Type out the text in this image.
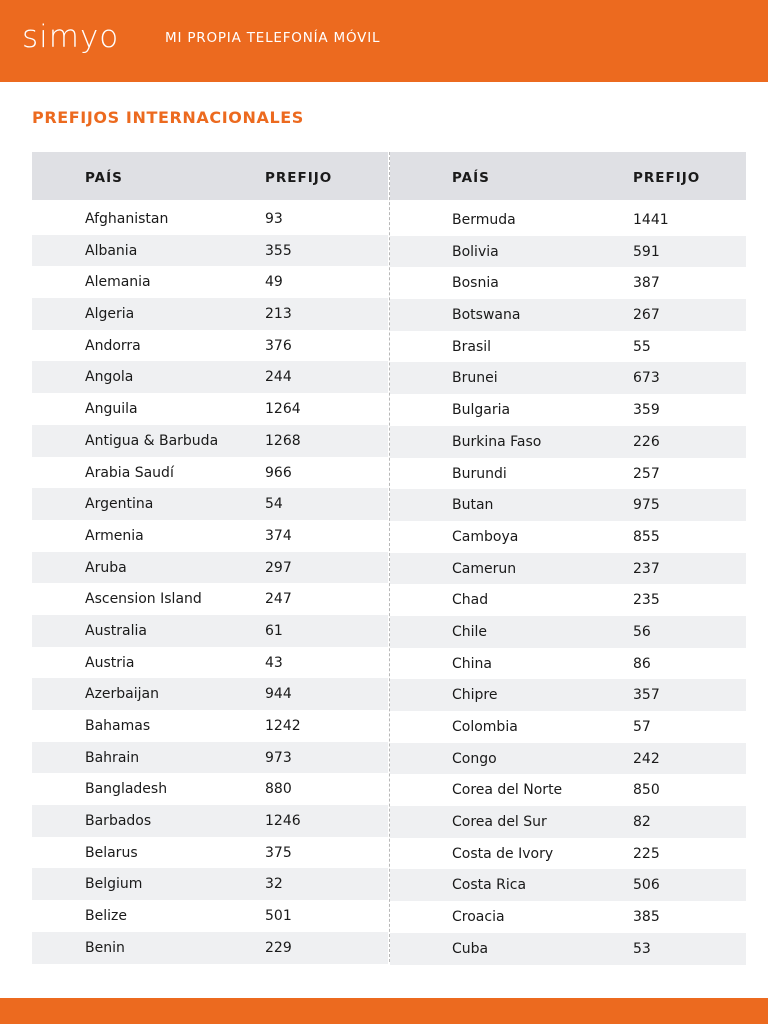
simyo	MI PROPIA TELEFONÍA MÓVIL
PREFIJOS INTERNACIONALES
PAÍS	PREFIJO
Afghanistan	93
Albania	355
Alemania	49
Algeria	213
Andorra	376
Angola	244
Anguila	1264
Antigua & Barbuda	1268
Arabia Saudí	966
Argentina	54
Armenia	374
Aruba	297
Ascension Island	247
Australia	61
Austria	43
Azerbaijan	944
Bahamas	1242
Bahrain	973
Bangladesh	880
Barbados	1246
Belarus	375
Belgium	32
Belize	501
Benin	229
PAÍS	PREFIJO
Bermuda	1441
Bolivia	591
Bosnia	387
Botswana	267
Brasil	55
Brunei	673
Bulgaria	359
Burkina Faso	226
Burundi	257
Butan	975
Camboya	855
Camerun	237
Chad	235
Chile	56
China	86
Chipre	357
Colombia	57
Congo	242
Corea del Norte	850
Corea del Sur	82
Costa de Ivory	225
Costa Rica	506
Croacia	385
Cuba	53
